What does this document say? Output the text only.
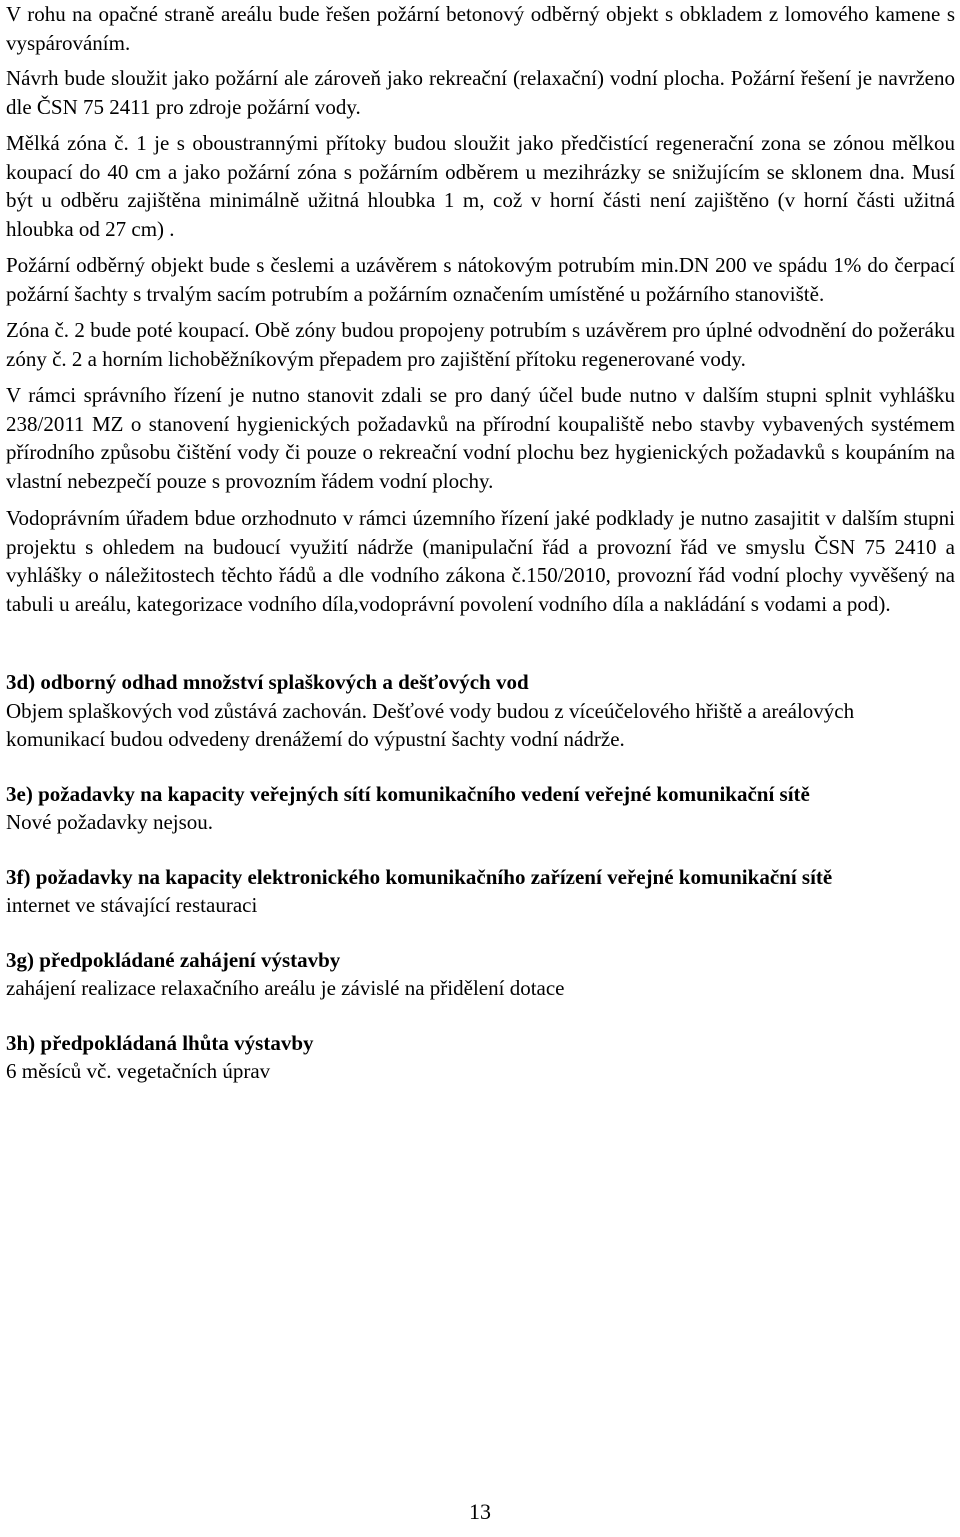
V rohu na opačné straně areálu bude řešen požární betonový odběrný objekt s obkladem z lomového kamene s vyspárováním.

Návrh bude sloužit jako požární ale zároveň jako rekreační (relaxační) vodní plocha. Požární řešení je navrženo dle ČSN 75 2411 pro zdroje požární vody.

Mělká zóna č. 1 je s oboustrannými přítoky budou sloužit jako předčistící regenerační zona se zónou mělkou koupací do 40 cm a jako požární zóna s požárním odběrem u mezihrázky se snižujícím se sklonem dna. Musí být u odběru zajištěna minimálně užitná hloubka 1 m, což v horní části není zajištěno (v horní části užitná hloubka od 27 cm) .

Požární odběrný objekt bude s česlemi a uzávěrem s nátokovým potrubím min.DN 200 ve spádu 1% do čerpací požární šachty s trvalým sacím potrubím a požárním označením umístěné u požárního stanoviště.

Zóna č. 2 bude poté koupací. Obě zóny budou propojeny potrubím s uzávěrem pro úplné odvodnění do požeráku zóny č. 2 a horním lichoběžníkovým přepadem pro zajištění přítoku regenerované vody.

V rámci správního řízení je nutno stanovit zdali se pro daný účel bude nutno v dalším stupni splnit vyhlášku 238/2011 MZ o stanovení hygienických požadavků na přírodní koupaliště nebo stavby vybavených systémem přírodního způsobu čištění vody či pouze o rekreační vodní plochu bez hygienických požadavků s koupáním na vlastní nebezpečí pouze s provozním řádem vodní plochy.

Vodoprávním úřadem bdue orzhodnuto v rámci územního řízení jaké podklady je nutno zasajitit v dalším stupni projektu s ohledem na budoucí využití nádrže (manipulační řád a provozní řád ve smyslu ČSN 75 2410 a vyhlášky o náležitostech těchto řádů a dle vodního zákona č.150/2010, provozní řád vodní plochy vyvěšený na tabuli u areálu, kategorizace vodního díla,vodoprávní povolení vodního díla a nakládání s vodami a pod).

3d) odborný odhad množství splaškových a dešťových vod

Objem splaškových vod zůstává zachován. Dešťové vody budou z víceúčelového hřiště a areálových komunikací budou odvedeny drenážemí do výpustní šachty vodní nádrže.

3e) požadavky na kapacity veřejných sítí komunikačního vedení veřejné komunikační sítě

Nové požadavky nejsou.

3f) požadavky na kapacity elektronického komunikačního zařízení veřejné komunikační sítě

internet ve stávající restauraci

3g) předpokládané zahájení výstavby

zahájení realizace relaxačního areálu je závislé na přidělení dotace

3h) předpokládaná lhůta výstavby

6 měsíců vč. vegetačních úprav

13
